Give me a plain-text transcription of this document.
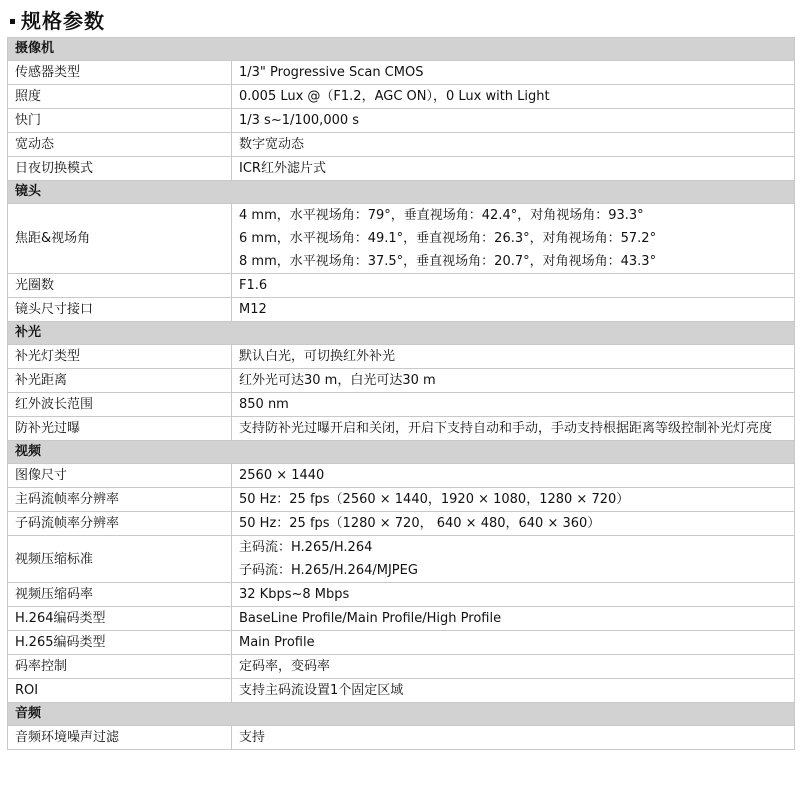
规格参数
摄像机	
传感器类型	1/3" Progressive Scan CMOS
照度	0.005 Lux @（F1.2，AGC ON），0 Lux with Light
快门	1/3 s~1/100,000 s
宽动态	数字宽动态
日夜切换模式	ICR红外滤片式
镜头	
焦距&视场角	4 mm，水平视场角：79°，垂直视场角：42.4°，对角视场角：93.3°
6 mm，水平视场角：49.1°，垂直视场角：26.3°，对角视场角：57.2°
8 mm，水平视场角：37.5°，垂直视场角：20.7°，对角视场角：43.3°

光圈数	F1.6
镜头尺寸接口	M12
补光	
补光灯类型	默认白光，可切换红外补光
补光距离	红外光可达30 m，白光可达30 m
红外波长范围	850 nm
防补光过曝	支持防补光过曝开启和关闭，开启下支持自动和手动，手动支持根据距离等级控制补光灯亮度

视频	
图像尺寸	2560 × 1440
主码流帧率分辨率	50 Hz：25 fps（2560 × 1440，1920 × 1080，1280 × 720）
子码流帧率分辨率	50 Hz：25 fps（1280 × 720， 640 × 480，640 × 360）
视频压缩标准	主码流：H.265/H.264
子码流：H.265/H.264/MJPEG

视频压缩码率	32 Kbps~8 Mbps
H.264编码类型	BaseLine Profile/Main Profile/High Profile
H.265编码类型	Main Profile
码率控制	定码率，变码率
ROI	支持主码流设置1个固定区域
音频	
音频环境噪声过滤	支持
